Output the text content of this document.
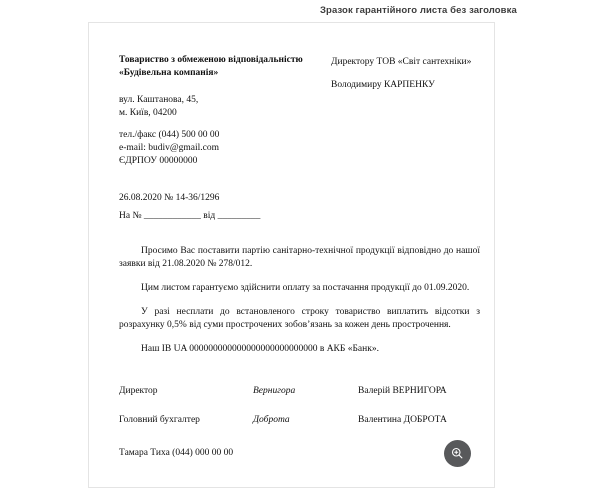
Зразок гарантійного листа без заголовка
Товариство з обмеженою відповідальністю
«Будівельна компанія»
Директору ТОВ «Світ сантехніки»
Володимиру КАРПЕНКУ
вул. Каштанова, 45,
м. Київ, 04200
тел./факс (044) 500 00 00
e-mail: budiv@gmail.com
ЄДРПОУ 00000000
26.08.2020 № 14-36/1296
На № ____________ від _________

Просимо Вас поставити партію санітарно-технічної продукції відповідно до нашої заявки від 21.08.2020 № 278/012.

Цим листом гарантуємо здійснити оплату за постачання продукції до 01.09.2020.

У разі несплати до встановленого строку товариство виплатить відсотки з розрахунку 0,5% від суми прострочених зобов’язань за кожен день прострочення.

Наш ІВ UA 000000000000000000000000000 в АКБ «Банк».

Директор	Вернигора	Валерій ВЕРНИГОРА
Головний бухгалтер	Доброта	Валентина ДОБРОТА
Тамара Тиха (044) 000 00 00
